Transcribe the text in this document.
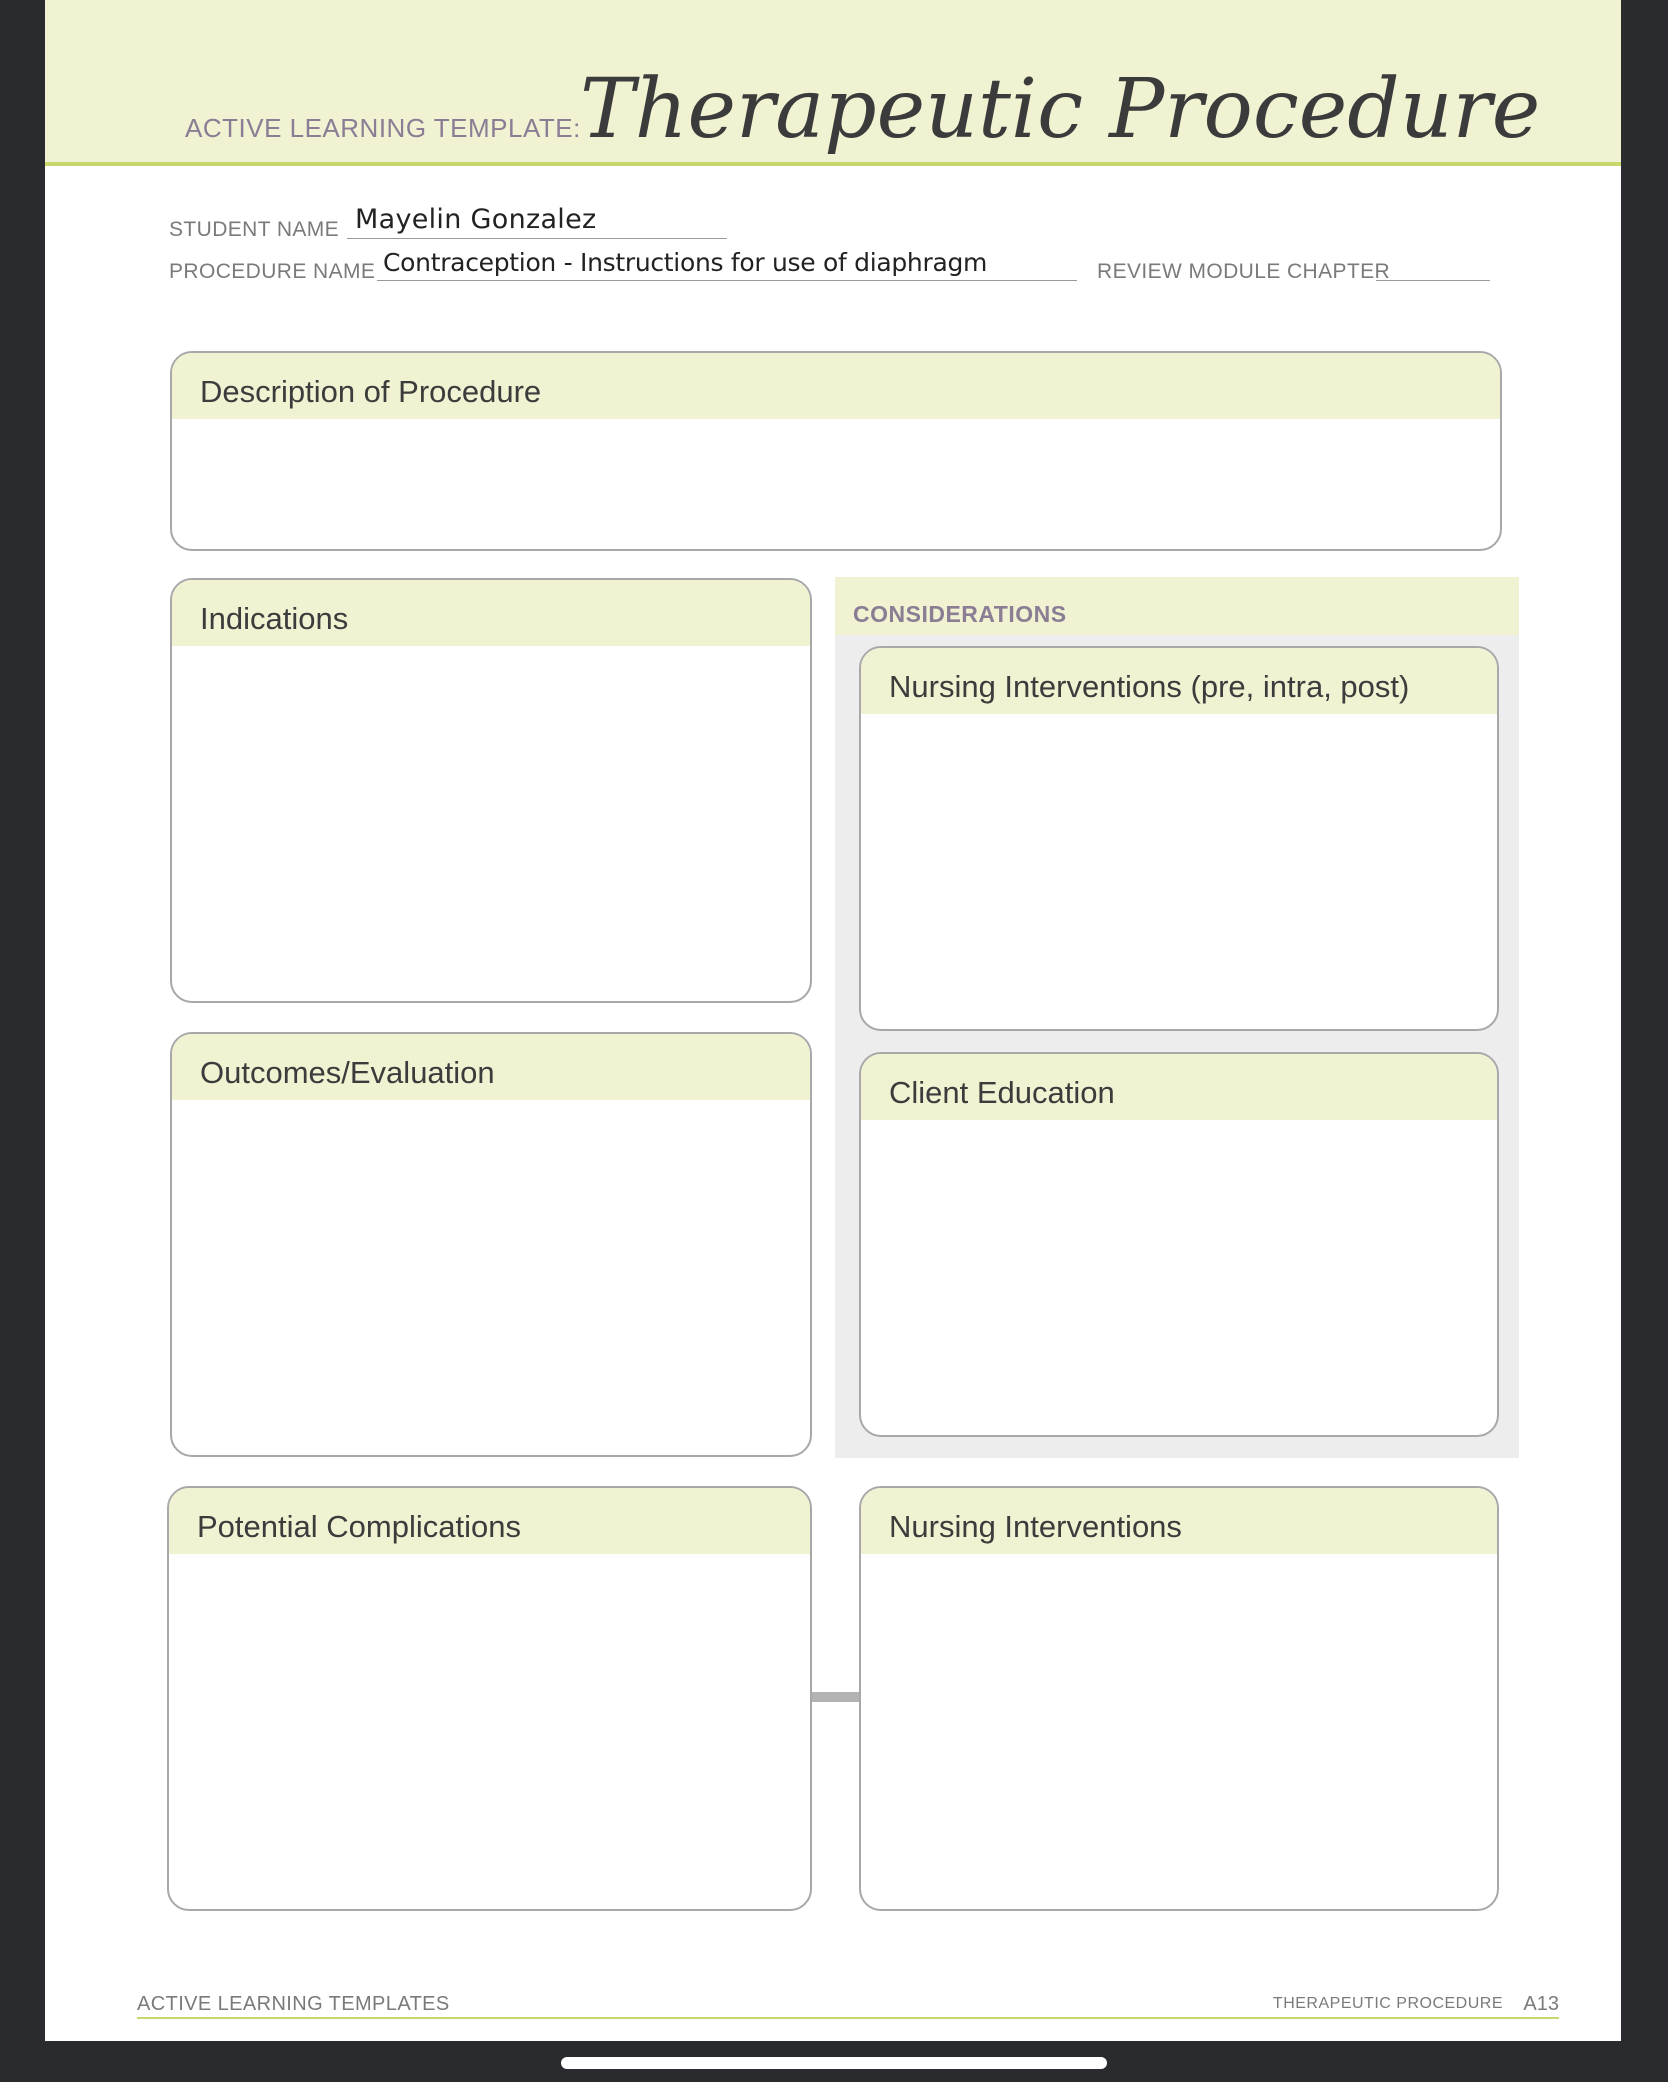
ACTIVE LEARNING TEMPLATE: Therapeutic Procedure
STUDENT NAME Mayelin Gonzalez
PROCEDURE NAME Contraception - Instructions for use of diaphragm	REVIEW MODULE CHAPTER
Description of Procedure
Indications
Outcomes/Evaluation
CONSIDERATIONS
Nursing Interventions (pre, intra, post)
Client Education
Potential Complications	Nursing Interventions
ACTIVE LEARNING TEMPLATES	THERAPEUTIC PROCEDURE A13
